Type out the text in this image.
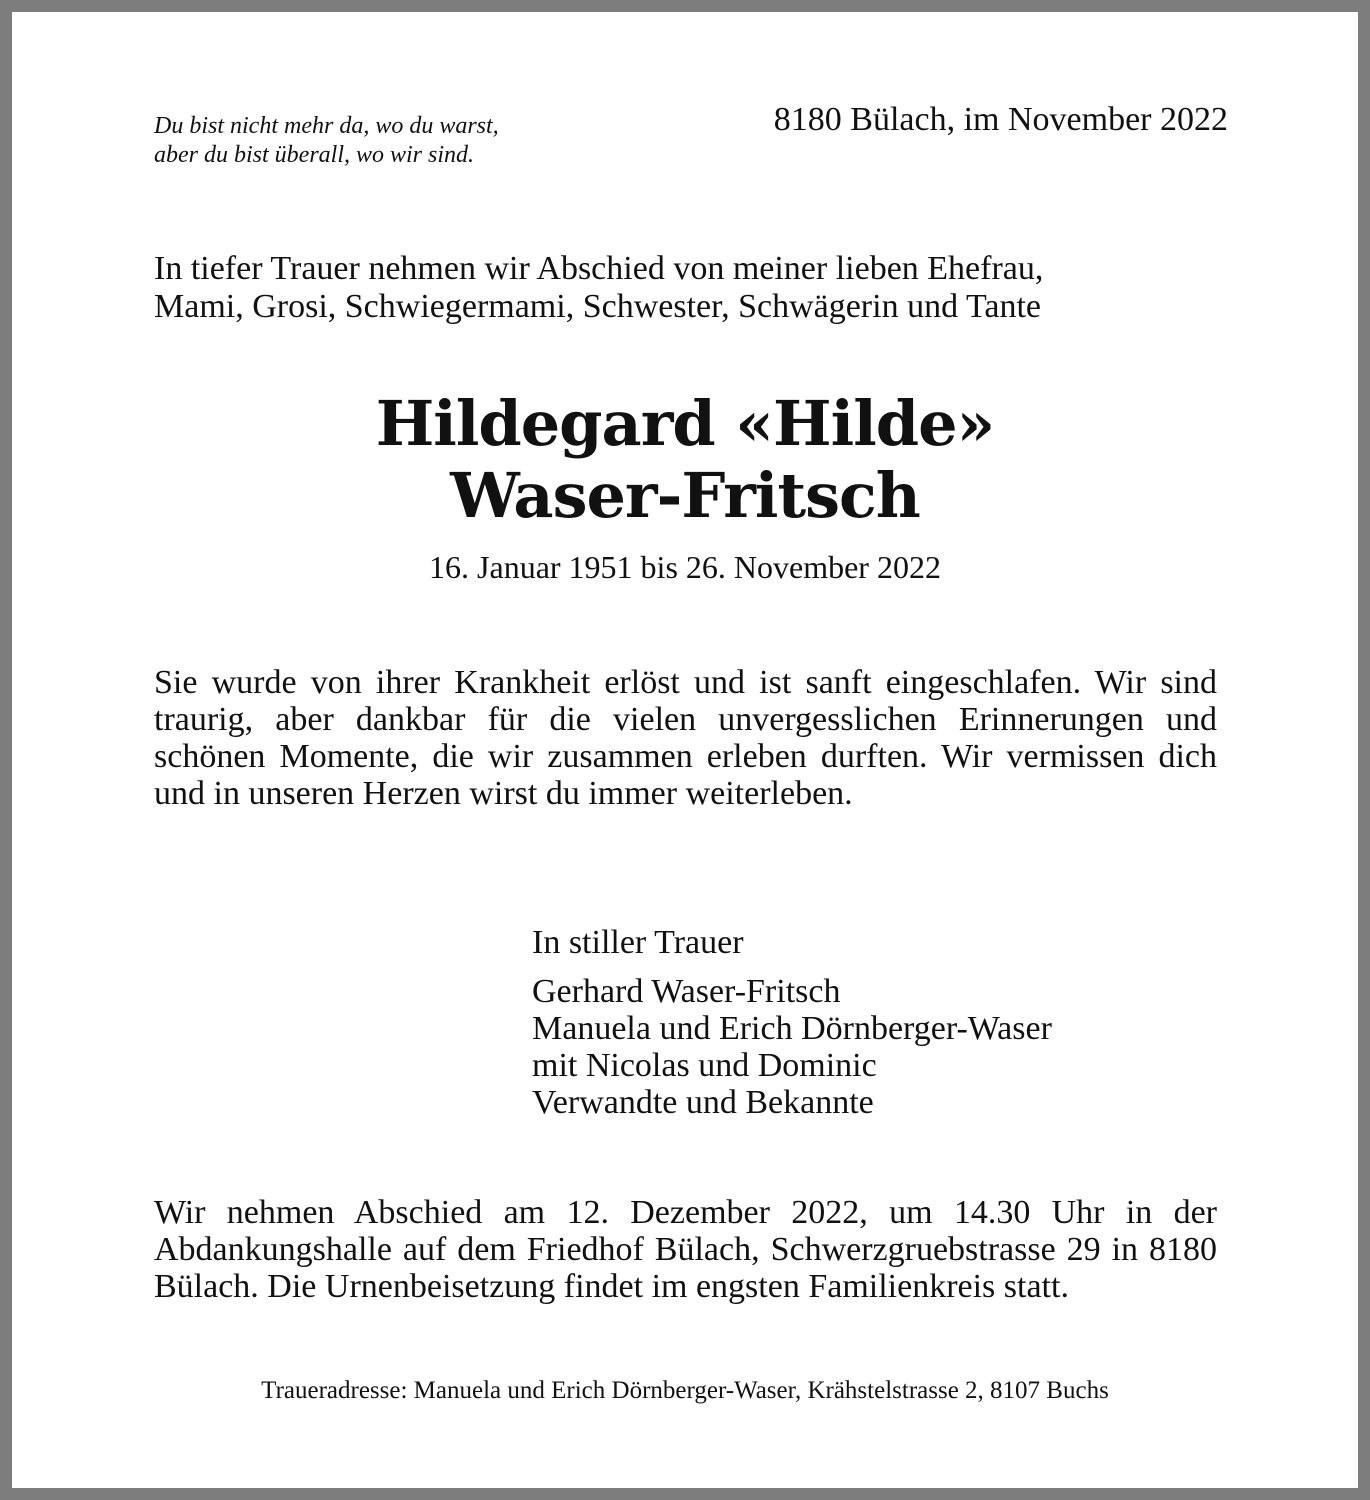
Du bist nicht mehr da, wo du warst,
aber du bist überall, wo wir sind.

8180 Bülach, im November 2022

In tiefer Trauer nehmen wir Abschied von meiner lieben Ehefrau,
Mami, Grosi, Schwiegermami, Schwester, Schwägerin und Tante

Hildegard «Hilde»
Waser-Fritsch

16. Januar 1951 bis 26. November 2022

Sie wurde von ihrer Krankheit erlöst und ist sanft eingeschlafen. Wir sind traurig, aber dankbar für die vielen unvergesslichen Erinnerungen und schönen Momente, die wir zusammen erleben durften. Wir vermissen dich und in unseren Herzen wirst du immer weiterleben.

In stiller Trauer

Gerhard Waser-Fritsch
Manuela und Erich Dörnberger-Waser
mit Nicolas und Dominic
Verwandte und Bekannte

Wir nehmen Abschied am 12. Dezember 2022, um 14.30 Uhr in der Abdankungshalle auf dem Friedhof Bülach, Schwerzgruebstrasse 29 in 8180 Bülach. Die Urnenbeisetzung findet im engsten Familienkreis statt.

Traueradresse: Manuela und Erich Dörnberger-Waser, Krähstelstrasse 2, 8107 Buchs
